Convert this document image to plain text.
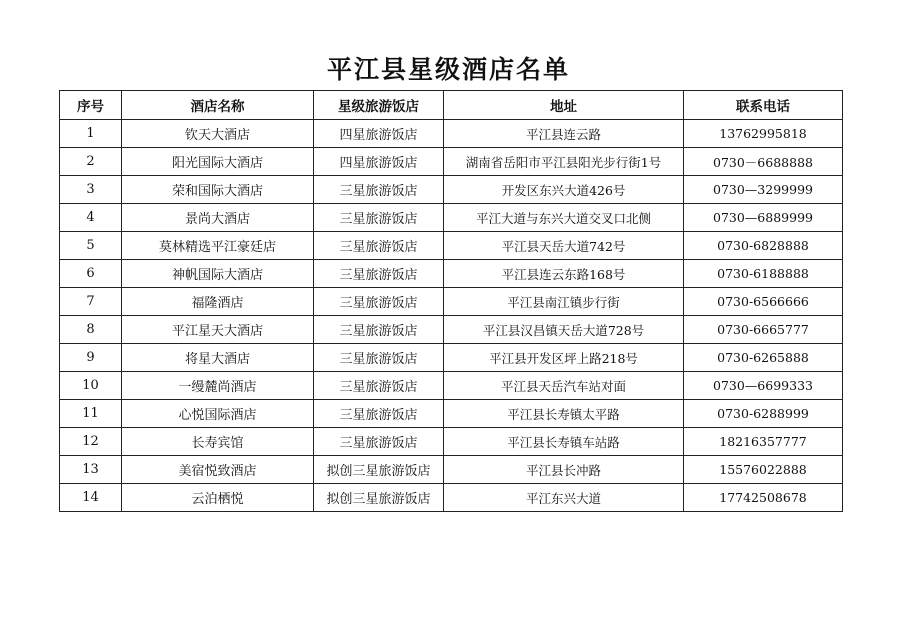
平江县星级酒店名单
序号	酒店名称	星级旅游饭店	地址	联系电话
1	钦天大酒店	四星旅游饭店	平江县连云路	13762995818
2	阳光国际大酒店	四星旅游饭店	湖南省岳阳市平江县阳光步行街1号	0730－6688888
3	荣和国际大酒店	三星旅游饭店	开发区东兴大道426号	0730—3299999
4	景尚大酒店	三星旅游饭店	平江大道与东兴大道交叉口北侧	0730—6889999
5	莫林精选平江豪廷店	三星旅游饭店	平江县天岳大道742号	0730-6828888
6	神帆国际大酒店	三星旅游饭店	平江县连云东路168号	0730-6188888
7	福隆酒店	三星旅游饭店	平江县南江镇步行街	0730-6566666
8	平江星天大酒店	三星旅游饭店	平江县汉昌镇天岳大道728号	0730-6665777
9	将星大酒店	三星旅游饭店	平江县开发区坪上路218号	0730-6265888
10	一缦麓尚酒店	三星旅游饭店	平江县天岳汽车站对面	0730—6699333
11	心悦国际酒店	三星旅游饭店	平江县长寿镇太平路	0730-6288999
12	长寿宾馆	三星旅游饭店	平江县长寿镇车站路	18216357777
13	美宿悦致酒店	拟创三星旅游饭店	平江县长冲路	15576022888
14	云泊栖悦	拟创三星旅游饭店	平江东兴大道	17742508678
